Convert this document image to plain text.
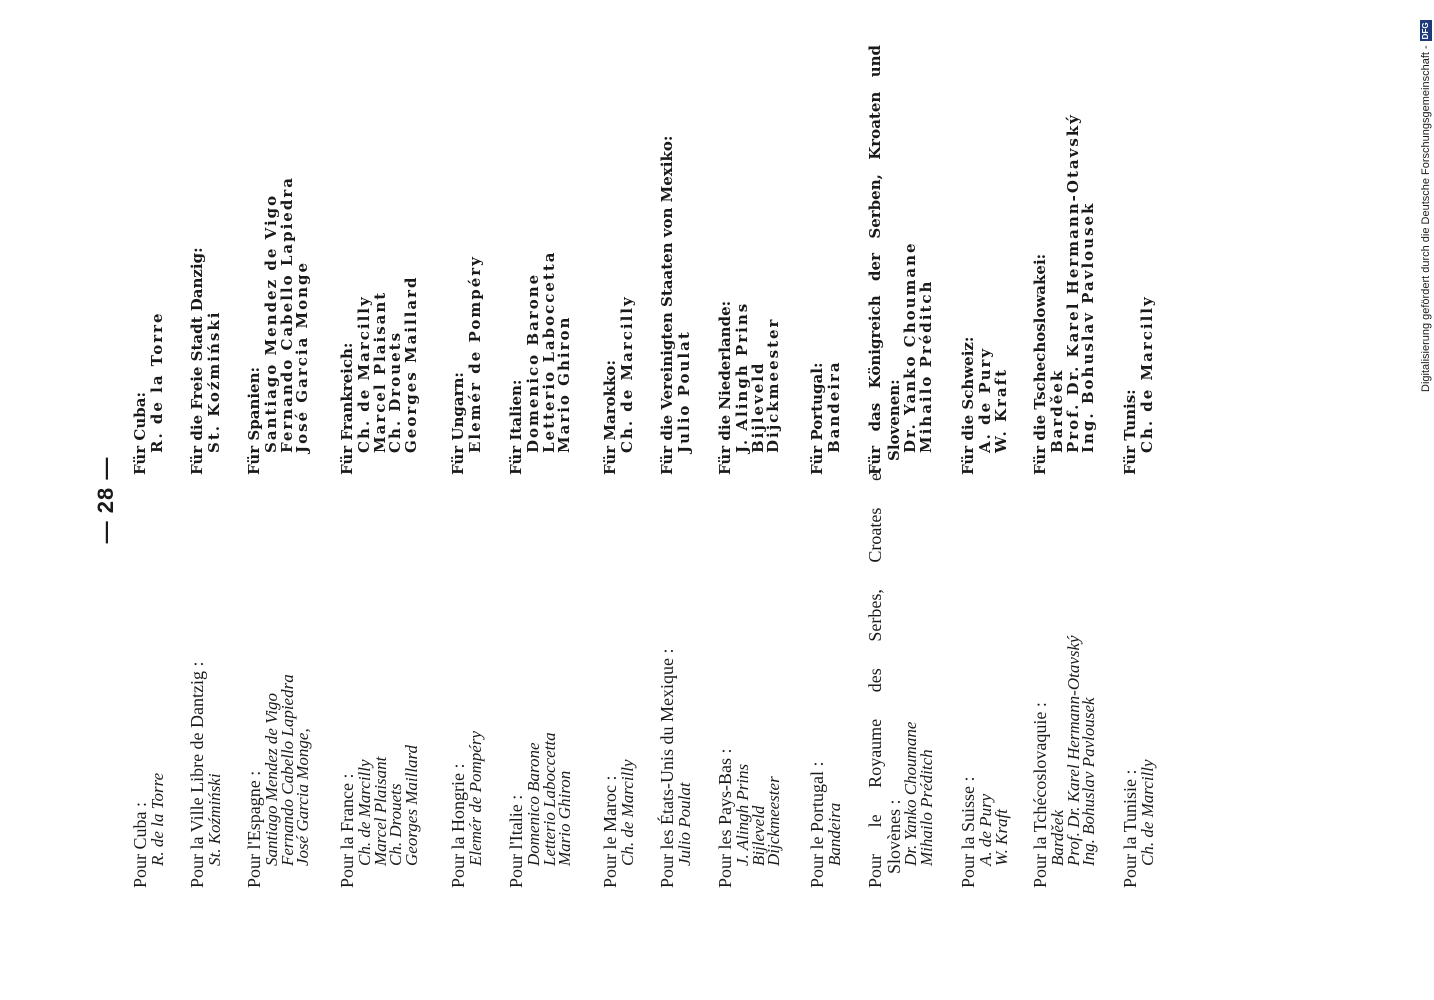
— 28 —
Pour Cuba :
R. de la Torre Pour la Ville Libre de Dantzig :
St. Koźmiński Pour l'Espagne :
Santiago Mendez de Vigo
Fernando Cabello Lapiedra
José Garcia Monge, Pour la France :
Ch. de Marcilly
Marcel Plaisant
Ch. Drouets
Georges Maillard Pour la Hongrie :
Elemér de Pompéry Pour l'Italie :
Domenico Barone
Letterio Laboccetta
Mario Ghiron Pour le Maroc :
Ch. de Marcilly Pour les États-Unis du Mexique :
Julio Poulat Pour les Pays-Bas :
J. Alingh Prins
Bijleveld
Dijckmeester Pour le Portugal :
Bandeira Pour le Royaume des Serbes, Croates et Slovènes :
Dr. Yanko Choumane
Mihailo Préditch Pour la Suisse :
A. de Pury
W. Kraft Pour la Tchécoslovaquie :
Barděek
Prof. Dr. Karel Hermann-Otavský
Ing. Bohuslav Pavlousek Pour la Tunisie :
Ch. de Marcilly
Für Cuba: R. de la Torre Für die Freie Stadt Danzig: St. Koźmiński Für Spanien: Santiago Mendez de Vigo
Fernando Cabello Lapiedra
José Garcia Monge Für Frankreich: Ch. de Marcilly
Marcel Plaisant
Ch. Drouets
Georges Maillard Für Ungarn: Elemér de Pompéry Für Italien: Domenico Barone
Letterio Laboccetta
Mario Ghiron Für Marokko: Ch. de Marcilly Für die Vereinigten Staaten von Mexiko: Julio Poulat Für die Niederlande: J. Alingh Prins
Bijleveld
Dijckmeester Für Portugal: Bandeira Für das Königreich der Serben, Kroaten und Slovenen:
Dr. Yanko Choumane
Mihailo Préditch Für die Schweiz: A. de Pury
W. Kraft Für die Tschechoslowakei: Barděek
Prof. Dr. Karel Hermann-Otavský
Ing. Bohuslav Pavlousek Für Tunis: Ch. de Marcilly	Digitalisierung gefördert durch die Deutsche Forschungsgemeinschaft -
DFG
